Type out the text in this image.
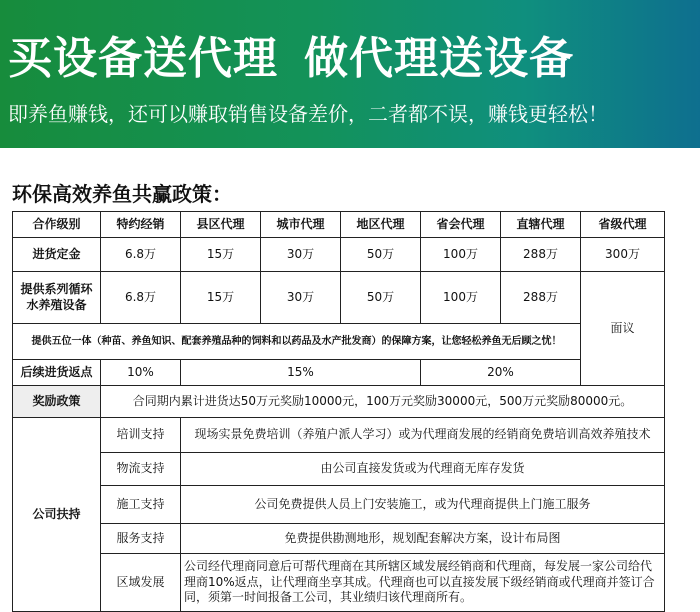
买设备送代理 做代理送设备
即养鱼赚钱，还可以赚取销售设备差价，二者都不误，赚钱更轻松！
环保高效养鱼共赢政策：
合作级别	特约经销	县区代理	城市代理	地区代理	省会代理	直辖代理	省级代理
进货定金	6.8万	15万	30万	50万	100万	288万	300万
提供系列循环水养殖设备	6.8万	15万	30万	50万	100万	288万	面议
提供五位一体（种苗、养鱼知识、配套养殖品种的饲料和以药品及水产批发商）的保障方案，让您轻松养鱼无后顾之忧！							
后续进货返点	10%	15%			20%		
奖励政策	合同期内累计进货达50万元奖励10000元，100万元奖励30000元，500万元奖励80000元。						
公司扶持	培训支持	现场实景免费培训（养殖户派人学习）或为代理商发展的经销商免费培训高效养殖技术					
	物流支持	由公司直接发货或为代理商无库存发货					
	施工支持	公司免费提供人员上门安装施工，或为代理商提供上门施工服务					
	服务支持	免费提供勘测地形，规划配套解决方案，设计布局图					
	区域发展	公司经代理商同意后可帮代理商在其所辖区域发展经销商和代理商，每发展一家公司给代理商10%返点，让代理商坐享其成。代理商也可以直接发展下级经销商或代理商并签订合同，须第一时间报备工公司，其业绩归该代理商所有。					
